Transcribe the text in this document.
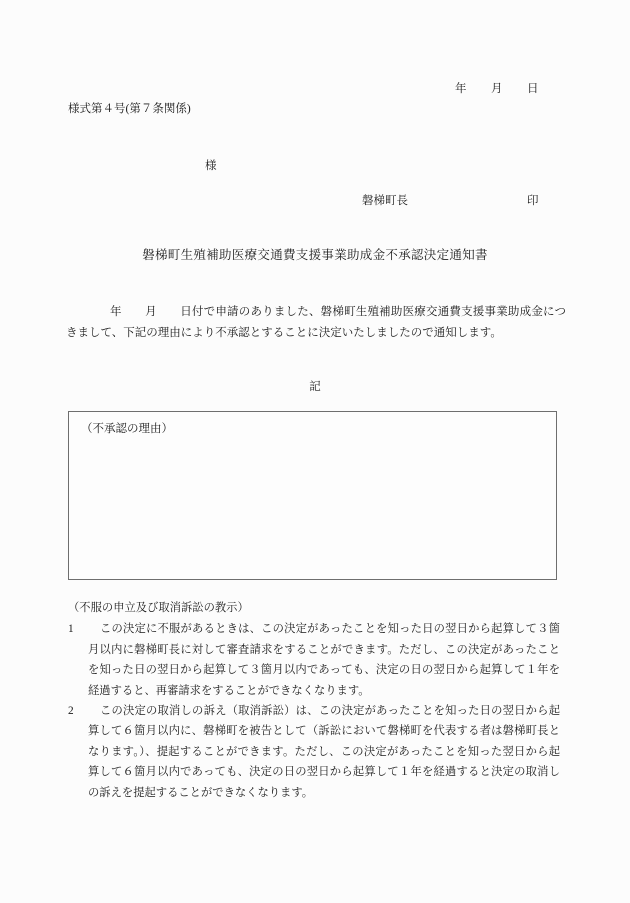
年　　月　　日
様式第４号(第７条関係)
様
磐梯町長	印
磐梯町生殖補助医療交通費支援事業助成金不承認決定通知書
年　　月　　日付で申請のありました、磐梯町生殖補助医療交通費支援事業助成金につきまして、下記の理由により不承認とすることに決定いたしましたので通知します。
記
（不承認の理由）
（不服の申立及び取消訴訟の教示）
1	この決定に不服があるときは、この決定があったことを知った日の翌日から起算して３箇月以内に磐梯町長に対して審査請求をすることができます。ただし、この決定があったことを知った日の翌日から起算して３箇月以内であっても、決定の日の翌日から起算して１年を経過すると、再審請求をすることができなくなります。
2	この決定の取消しの訴え（取消訴訟）は、この決定があったことを知った日の翌日から起算して６箇月以内に、磐梯町を被告として（訴訟において磐梯町を代表する者は磐梯町長となります。）、提起することができます。ただし、この決定があったことを知った翌日から起算して６箇月以内であっても、決定の日の翌日から起算して１年を経過すると決定の取消しの訴えを提起することができなくなります。
